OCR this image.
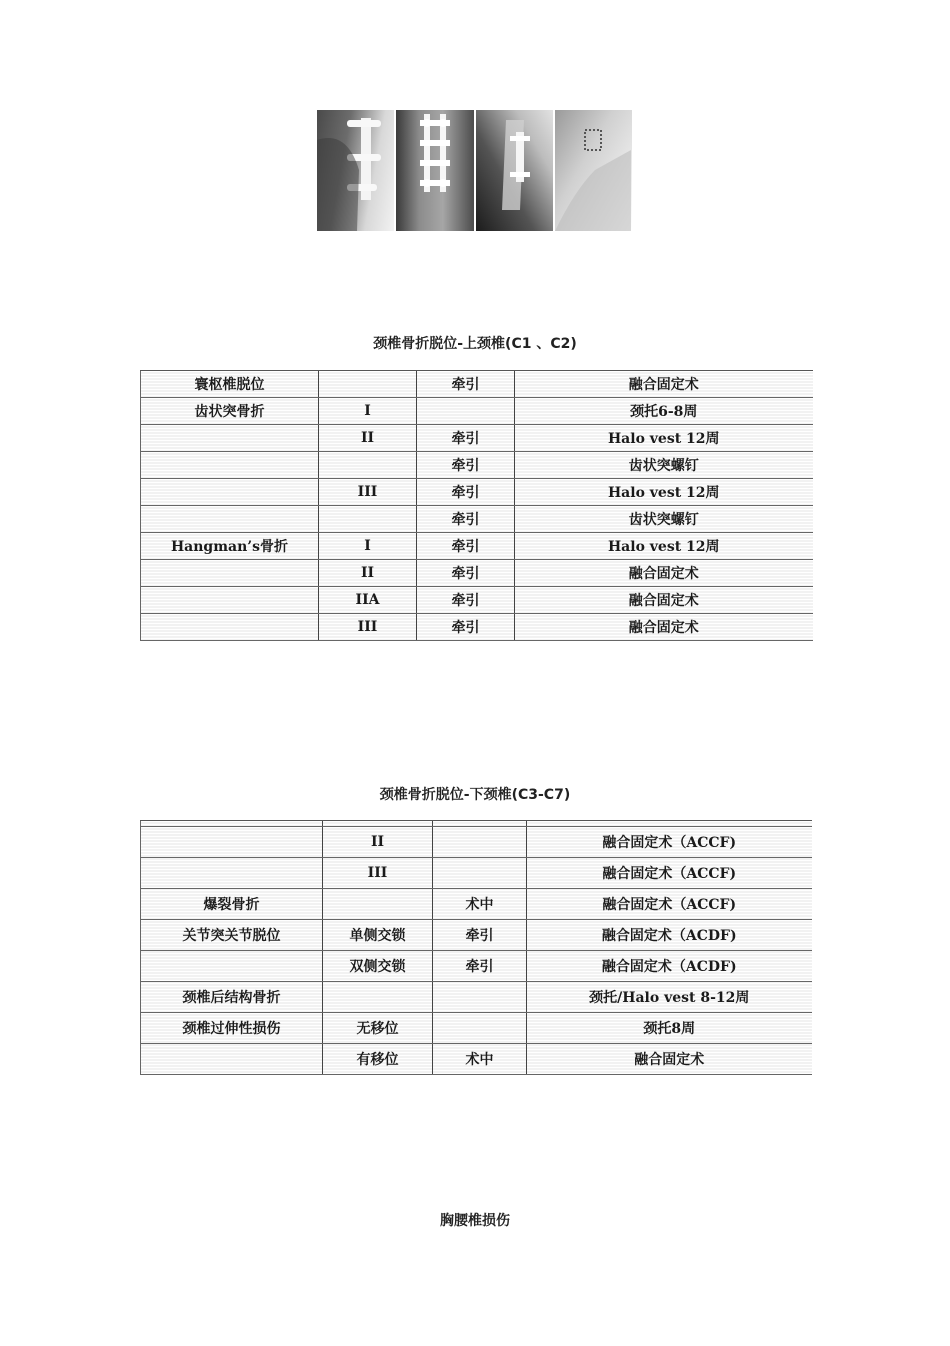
颈椎骨折脱位-上颈椎(C1 、C2)
寰枢椎脱位		牵引	融合固定术
齿状突骨折	I		颈托6-8周
	II	牵引	Halo vest 12周
		牵引	齿状突螺钉
	III	牵引	Halo vest 12周
		牵引	齿状突螺钉
Hangman’s骨折	I	牵引	Halo vest 12周
	II	牵引	融合固定术
	IIA	牵引	融合固定术
	III	牵引	融合固定术
颈椎骨折脱位-下颈椎(C3-C7)

	II		融合固定术（ACCF)
	III		融合固定术（ACCF)
爆裂骨折		术中	融合固定术（ACCF)
关节突关节脱位	单侧交锁	牵引	融合固定术（ACDF)
	双侧交锁	牵引	融合固定术（ACDF)
颈椎后结构骨折			颈托/Halo vest 8-12周
颈椎过伸性损伤	无移位		颈托8周
	有移位	术中	融合固定术
胸腰椎损伤
